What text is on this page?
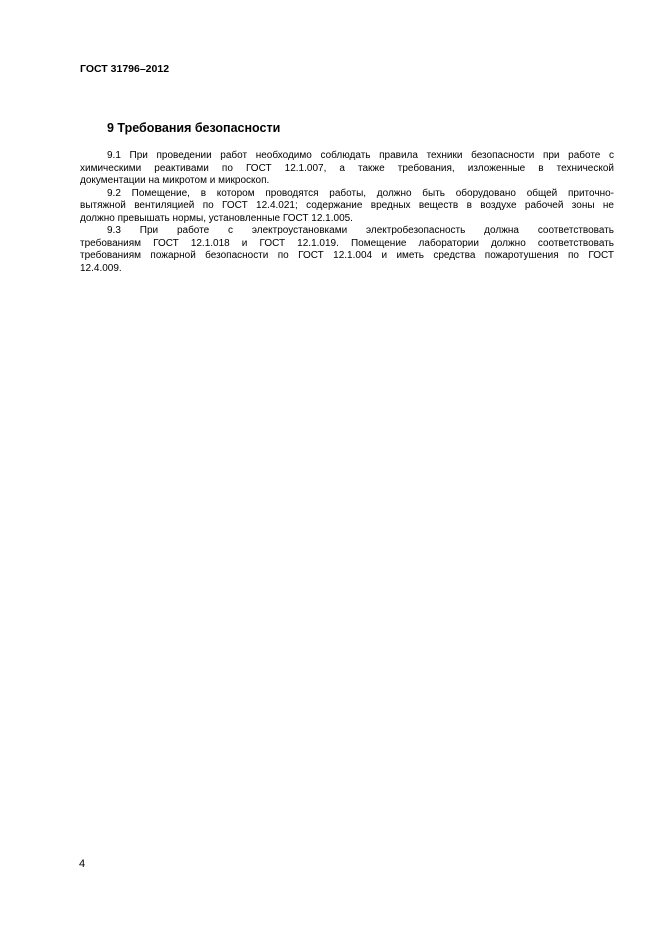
ГОСТ 31796–2012
9 Требования безопасности
9.1 При проведении работ необходимо соблюдать правила техники безопасности при работе с
химическими реактивами по ГОСТ 12.1.007, а также требования, изложенные в технической
документации на микротом и микроскоп.
9.2 Помещение, в котором проводятся работы, должно быть оборудовано общей приточно-
вытяжной вентиляцией по ГОСТ 12.4.021; содержание вредных веществ в воздухе рабочей зоны не
должно превышать нормы, установленные ГОСТ 12.1.005.
9.3 При работе с электроустановками электробезопасность должна соответствовать
требованиям ГОСТ 12.1.018 и ГОСТ 12.1.019. Помещение лаборатории должно соответствовать
требованиям пожарной безопасности по ГОСТ 12.1.004 и иметь средства пожаротушения по ГОСТ
12.4.009.
4
